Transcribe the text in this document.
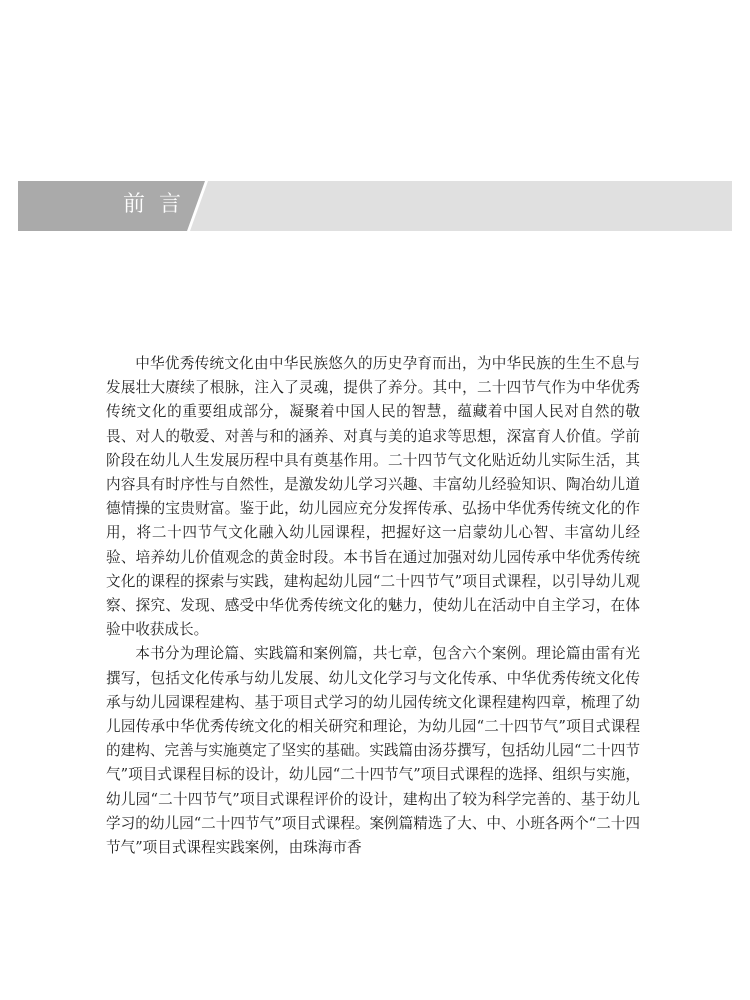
前言

中华优秀传统文化由中华民族悠久的历史孕育而出，为中华民族的生生不息与发展壮大赓续了根脉，注入了灵魂，提供了养分。其中，二十四节气作为中华优秀传统文化的重要组成部分，凝聚着中国人民的智慧，蕴藏着中国人民对自然的敬畏、对人的敬爱、对善与和的涵养、对真与美的追求等思想，深富育人价值。学前阶段在幼儿人生发展历程中具有奠基作用。二十四节气文化贴近幼儿实际生活，其内容具有时序性与自然性，是激发幼儿学习兴趣、丰富幼儿经验知识、陶冶幼儿道德情操的宝贵财富。鉴于此，幼儿园应充分发挥传承、弘扬中华优秀传统文化的作用，将二十四节气文化融入幼儿园课程，把握好这一启蒙幼儿心智、丰富幼儿经验、培养幼儿价值观念的黄金时段。本书旨在通过加强对幼儿园传承中华优秀传统文化的课程的探索与实践，建构起幼儿园“二十四节气”项目式课程，以引导幼儿观察、探究、发现、感受中华优秀传统文化的魅力，使幼儿在活动中自主学习，在体验中收获成长。

本书分为理论篇、实践篇和案例篇，共七章，包含六个案例。理论篇由雷有光撰写，包括文化传承与幼儿发展、幼儿文化学习与文化传承、中华优秀传统文化传承与幼儿园课程建构、基于项目式学习的幼儿园传统文化课程建构四章，梳理了幼儿园传承中华优秀传统文化的相关研究和理论，为幼儿园“二十四节气”项目式课程的建构、完善与实施奠定了坚实的基础。实践篇由汤芬撰写，包括幼儿园“二十四节气”项目式课程目标的设计，幼儿园“二十四节气”项目式课程的选择、组织与实施，幼儿园“二十四节气”项目式课程评价的设计，建构出了较为科学完善的、基于幼儿学习的幼儿园“二十四节气”项目式课程。案例篇精选了大、中、小班各两个“二十四节气”项目式课程实践案例，由珠海市香
